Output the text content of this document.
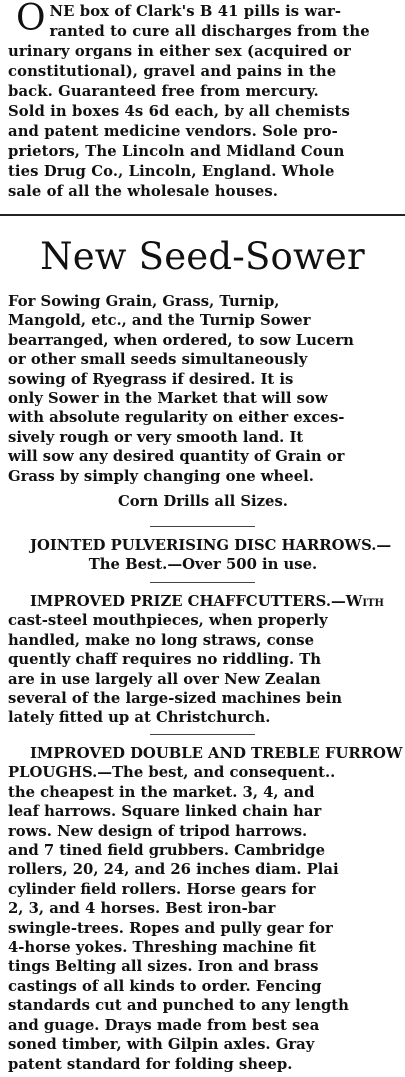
O NE box of Clark's B 41 pills is war-
ranted to cure all discharges from the
urinary organs in either sex (acquired or
constitutional), gravel and pains in the
back. Guaranteed free from mercury.
Sold in boxes 4s 6d each, by all chemists
and patent medicine vendors. Sole pro-
prietors, The Lincoln and Midland Coun
ties Drug Co., Lincoln, England. Whole
sale of all the wholesale houses.
New Seed-Sower
For Sowing Grain, Grass, Turnip,
Mangold, etc., and the Turnip Sower
bearranged, when ordered, to sow Lucern
or other small seeds simultaneously
sowing of Ryegrass if desired. It is
only Sower in the Market that will sow
with absolute regularity on either exces-
sively rough or very smooth land. It
will sow any desired quantity of Grain or
Grass by simply changing one wheel.
Corn Drills all Sizes.
JOINTED PULVERISING DISC HARROWS.—
The Best.—Over 500 in use.
IMPROVED PRIZE CHAFFCUTTERS.—With
cast-steel mouthpieces, when properly
handled, make no long straws, conse
quently chaff requires no riddling. Th
are in use largely all over New Zealan
several of the large-sized machines bein
lately fitted up at Christchurch.
IMPROVED DOUBLE AND TREBLE FURROW
PLOUGHS.—The best, and consequent..
the cheapest in the market. 3, 4, and
leaf harrows. Square linked chain har
rows. New design of tripod harrows.
and 7 tined field grubbers. Cambridge
rollers, 20, 24, and 26 inches diam. Plai
cylinder field rollers. Horse gears for
2, 3, and 4 horses. Best iron-bar
swingle-trees. Ropes and pully gear for
4-horse yokes. Threshing machine fit
tings Belting all sizes. Iron and brass
castings of all kinds to order. Fencing
standards cut and punched to any length
and guage. Drays made from best sea
soned timber, with Gilpin axles. Gray
patent standard for folding sheep.
